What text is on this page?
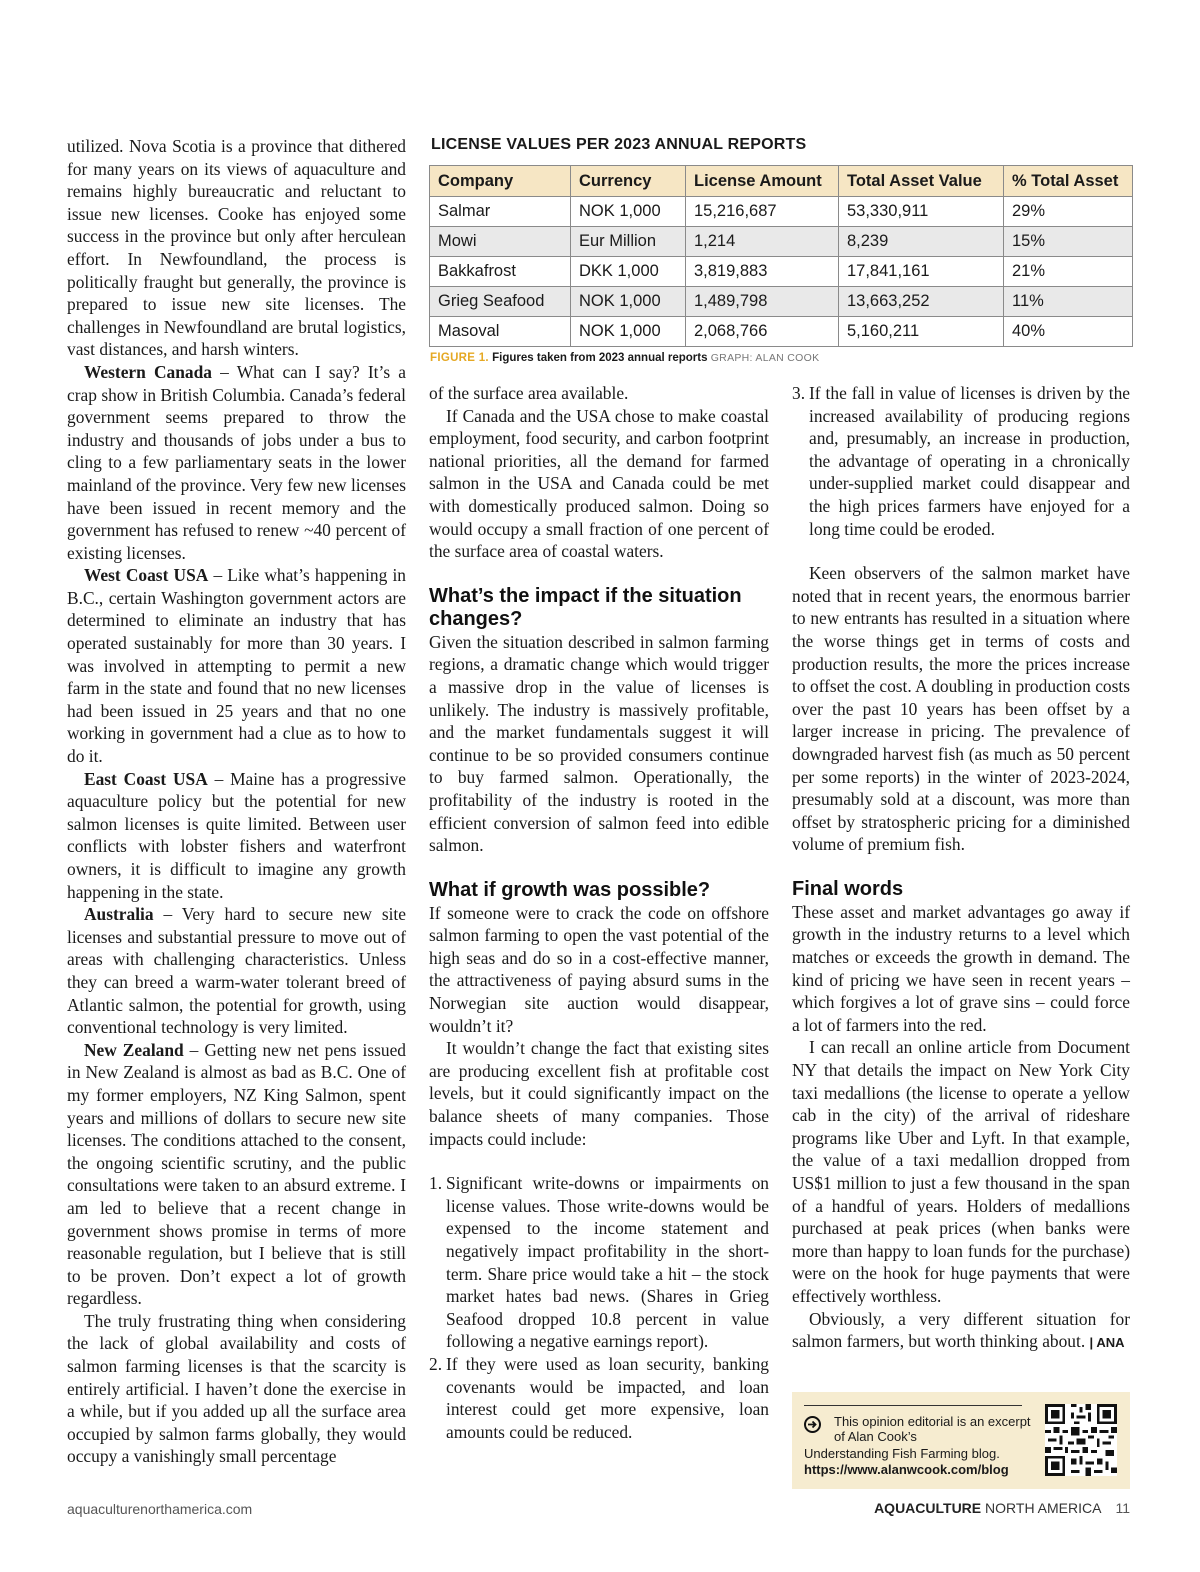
utilized. Nova Scotia is a province that dithered for many years on its views of aquaculture and remains highly bureaucratic and reluctant to issue new licenses. Cooke has enjoyed some success in the province but only after herculean effort. In Newfoundland, the process is politically fraught but generally, the province is prepared to issue new site licenses. The challenges in Newfoundland are brutal logistics, vast distances, and harsh winters.

Western Canada – What can I say? It’s a crap show in British Columbia. Canada’s federal government seems prepared to throw the industry and thousands of jobs under a bus to cling to a few parliamentary seats in the lower mainland of the province. Very few new licenses have been issued in recent memory and the government has refused to renew ~40 percent of existing licenses.

West Coast USA – Like what’s happening in B.C., certain Washington government actors are determined to eliminate an industry that has operated sustainably for more than 30 years. I was involved in attempting to permit a new farm in the state and found that no new licenses had been issued in 25 years and that no one working in government had a clue as to how to do it.

East Coast USA – Maine has a progressive aquaculture policy but the potential for new salmon licenses is quite limited. Between user conflicts with lobster fishers and waterfront owners, it is difficult to imagine any growth happening in the state.

Australia – Very hard to secure new site licenses and substantial pressure to move out of areas with challenging characteristics. Unless they can breed a warm-water tolerant breed of Atlantic salmon, the potential for growth, using conventional technology is very limited.

New Zealand – Getting new net pens issued in New Zealand is almost as bad as B.C. One of my former employers, NZ King Salmon, spent years and millions of dollars to secure new site licenses. The conditions attached to the consent, the ongoing scientific scrutiny, and the public consultations were taken to an absurd extreme. I am led to believe that a recent change in government shows promise in terms of more reasonable regulation, but I believe that is still to be proven. Don’t expect a lot of growth regardless.

The truly frustrating thing when considering the lack of global availability and costs of salmon farming licenses is that the scarcity is entirely artificial. I haven’t done the exercise in a while, but if you added up all the surface area occupied by salmon farms globally, they would occupy a vanishingly small percentage

LICENSE VALUES PER 2023 ANNUAL REPORTS
Company	Currency	License Amount	Total Asset Value	% Total Asset
Salmar	NOK 1,000	15,216,687	53,330,911	29%
Mowi	Eur Million	1,214	8,239	15%
Bakkafrost	DKK 1,000	3,819,883	17,841,161	21%
Grieg Seafood	NOK 1,000	1,489,798	13,663,252	11%
Masoval	NOK 1,000	2,068,766	5,160,211	40%
FIGURE 1. Figures taken from 2023 annual reports GRAPH: ALAN COOK

of the surface area available.

If Canada and the USA chose to make coastal employment, food security, and carbon footprint national priorities, all the demand for farmed salmon in the USA and Canada could be met with domestically produced salmon. Doing so would occupy a small fraction of one percent of the surface area of coastal waters.

What’s the impact if the situation changes?

Given the situation described in salmon farming regions, a dramatic change which would trigger a massive drop in the value of licenses is unlikely. The industry is massively profitable, and the market fundamentals suggest it will continue to be so provided consumers continue to buy farmed salmon. Operationally, the profitability of the industry is rooted in the efficient conversion of salmon feed into edible salmon.

What if growth was possible?

If someone were to crack the code on offshore salmon farming to open the vast potential of the high seas and do so in a cost-effective manner, the attractiveness of paying absurd sums in the Norwegian site auction would disappear, wouldn’t it?

It wouldn’t change the fact that existing sites are producing excellent fish at profitable cost levels, but it could significantly impact on the balance sheets of many companies. Those impacts could include:

1. Significant write-downs or impairments on license values. Those write-downs would be expensed to the income statement and negatively impact profitability in the short-term. Share price would take a hit – the stock market hates bad news. (Shares in Grieg Seafood dropped 10.8 percent in value following a negative earnings report).
2. If they were used as loan security, banking covenants would be impacted, and loan interest could get more expensive, loan amounts could be reduced.
3. If the fall in value of licenses is driven by the increased availability of producing regions and, presumably, an increase in production, the advantage of operating in a chronically under-supplied market could disappear and the high prices farmers have enjoyed for a long time could be eroded.

Keen observers of the salmon market have noted that in recent years, the enormous barrier to new entrants has resulted in a situation where the worse things get in terms of costs and production results, the more the prices increase to offset the cost. A doubling in production costs over the past 10 years has been offset by a larger increase in pricing. The prevalence of downgraded harvest fish (as much as 50 percent per some reports) in the winter of 2023-2024, presumably sold at a discount, was more than offset by stratospheric pricing for a diminished volume of premium fish.

Final words

These asset and market advantages go away if growth in the industry returns to a level which matches or exceeds the growth in demand. The kind of pricing we have seen in recent years – which forgives a lot of grave sins – could force a lot of farmers into the red.

I can recall an online article from Document NY that details the impact on New York City taxi medallions (the license to operate a yellow cab in the city) of the arrival of rideshare programs like Uber and Lyft. In that example, the value of a taxi medallion dropped from US$1 million to just a few thousand in the span of a handful of years. Holders of medallions purchased at peak prices (when banks were more than happy to loan funds for the purchase) were on the hook for huge payments that were effectively worthless.

Obviously, a very different situation for salmon farmers, but worth thinking about. | ANA

This opinion editorial is an excerpt of Alan Cook’s
Understanding Fish Farming blog.
https://www.alanwcook.com/blog
aquaculturenorthamerica.com	AQUACULTURE NORTH AMERICA 11
